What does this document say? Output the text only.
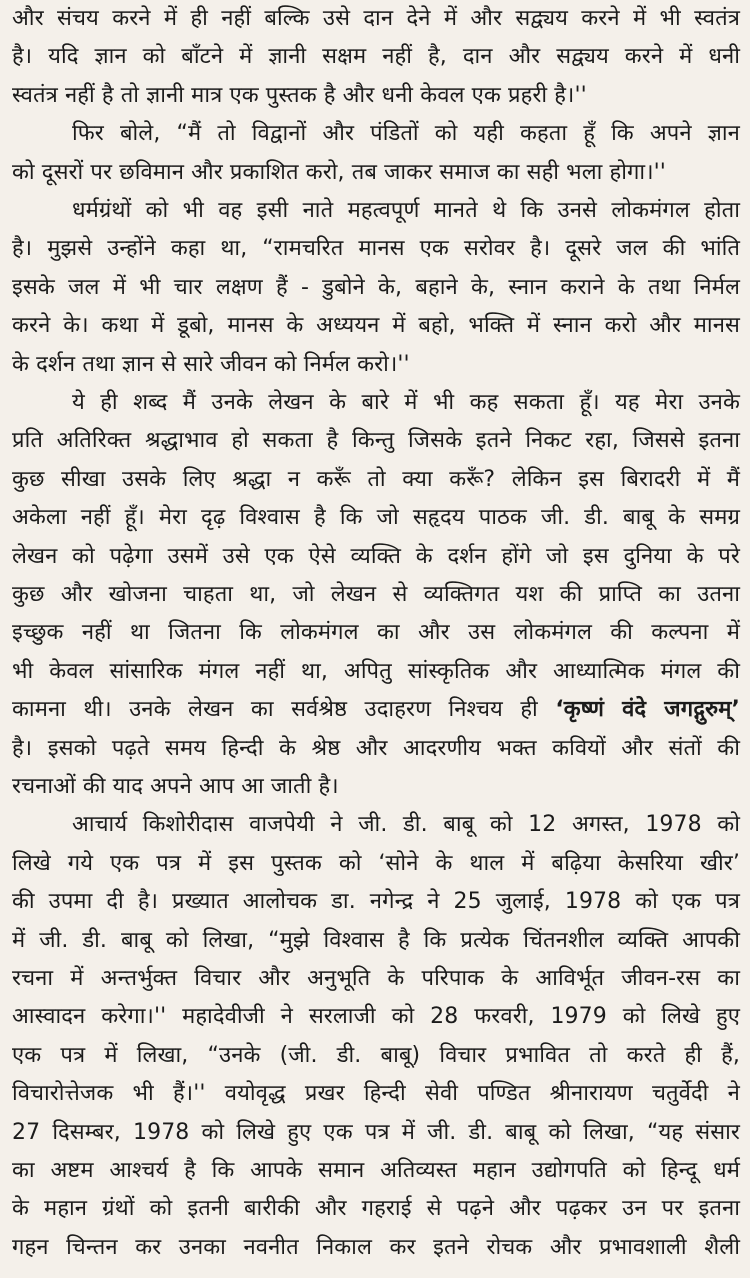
और संचय करने में ही नहीं बल्कि उसे दान देने में और सद्व्यय करने में भी स्वतंत्र
है। यदि ज्ञान को बाँटने में ज्ञानी सक्षम नहीं है, दान और सद्व्यय करने में धनी
स्वतंत्र नहीं है तो ज्ञानी मात्र एक पुस्तक है और धनी केवल एक प्रहरी है।''
फिर बोले, “मैं तो विद्वानों और पंडितों को यही कहता हूँ कि अपने ज्ञान
को दूसरों पर छविमान और प्रकाशित करो, तब जाकर समाज का सही भला होगा।''
धर्मग्रंथों को भी वह इसी नाते महत्वपूर्ण मानते थे कि उनसे लोकमंगल होता
है। मुझसे उन्होंने कहा था, “रामचरित मानस एक सरोवर है। दूसरे जल की भांति
इसके जल में भी चार लक्षण हैं - डुबोने के, बहाने के, स्नान कराने के तथा निर्मल
करने के। कथा में डूबो, मानस के अध्ययन में बहो, भक्ति में स्नान करो और मानस
के दर्शन तथा ज्ञान से सारे जीवन को निर्मल करो।''
ये ही शब्द मैं उनके लेखन के बारे में भी कह सकता हूँ। यह मेरा उनके
प्रति अतिरिक्त श्रद्धाभाव हो सकता है किन्तु जिसके इतने निकट रहा, जिससे इतना
कुछ सीखा उसके लिए श्रद्धा न करूँ तो क्या करूँ? लेकिन इस बिरादरी में मैं
अकेला नहीं हूँ। मेरा दृढ़ विश्वास है कि जो सहृदय पाठक जी. डी. बाबू के समग्र
लेखन को पढ़ेगा उसमें उसे एक ऐसे व्यक्ति के दर्शन होंगे जो इस दुनिया के परे
कुछ और खोजना चाहता था, जो लेखन से व्यक्तिगत यश की प्राप्ति का उतना
इच्छुक नहीं था जितना कि लोकमंगल का और उस लोकमंगल की कल्पना में
भी केवल सांसारिक मंगल नहीं था, अपितु सांस्कृतिक और आध्यात्मिक मंगल की
कामना थी। उनके लेखन का सर्वश्रेष्ठ उदाहरण निश्चय ही ‘कृष्णं वंदे जगद्गुरुम्’
है। इसको पढ़ते समय हिन्दी के श्रेष्ठ और आदरणीय भक्त कवियों और संतों की
रचनाओं की याद अपने आप आ जाती है।
आचार्य किशोरीदास वाजपेयी ने जी. डी. बाबू को 12 अगस्त, 1978 को
लिखे गये एक पत्र में इस पुस्तक को ‘सोने के थाल में बढ़िया केसरिया खीर’
की उपमा दी है। प्रख्यात आलोचक डा. नगेन्द्र ने 25 जुलाई, 1978 को एक पत्र
में जी. डी. बाबू को लिखा, “मुझे विश्वास है कि प्रत्येक चिंतनशील व्यक्ति आपकी
रचना में अन्तर्भुक्त विचार और अनुभूति के परिपाक के आविर्भूत जीवन-रस का
आस्वादन करेगा।'' महादेवीजी ने सरलाजी को 28 फरवरी, 1979 को लिखे हुए
एक पत्र में लिखा, “उनके (जी. डी. बाबू) विचार प्रभावित तो करते ही हैं,
विचारोत्तेजक भी हैं।'' वयोवृद्ध प्रखर हिन्दी सेवी पण्डित श्रीनारायण चतुर्वेदी ने
27 दिसम्बर, 1978 को लिखे हुए एक पत्र में जी. डी. बाबू को लिखा, “यह संसार
का अष्टम आश्चर्य है कि आपके समान अतिव्यस्त महान उद्योगपति को हिन्दू धर्म
के महान ग्रंथों को इतनी बारीकी और गहराई से पढ़ने और पढ़कर उन पर इतना
गहन चिन्तन कर उनका नवनीत निकाल कर इतने रोचक और प्रभावशाली शैली
